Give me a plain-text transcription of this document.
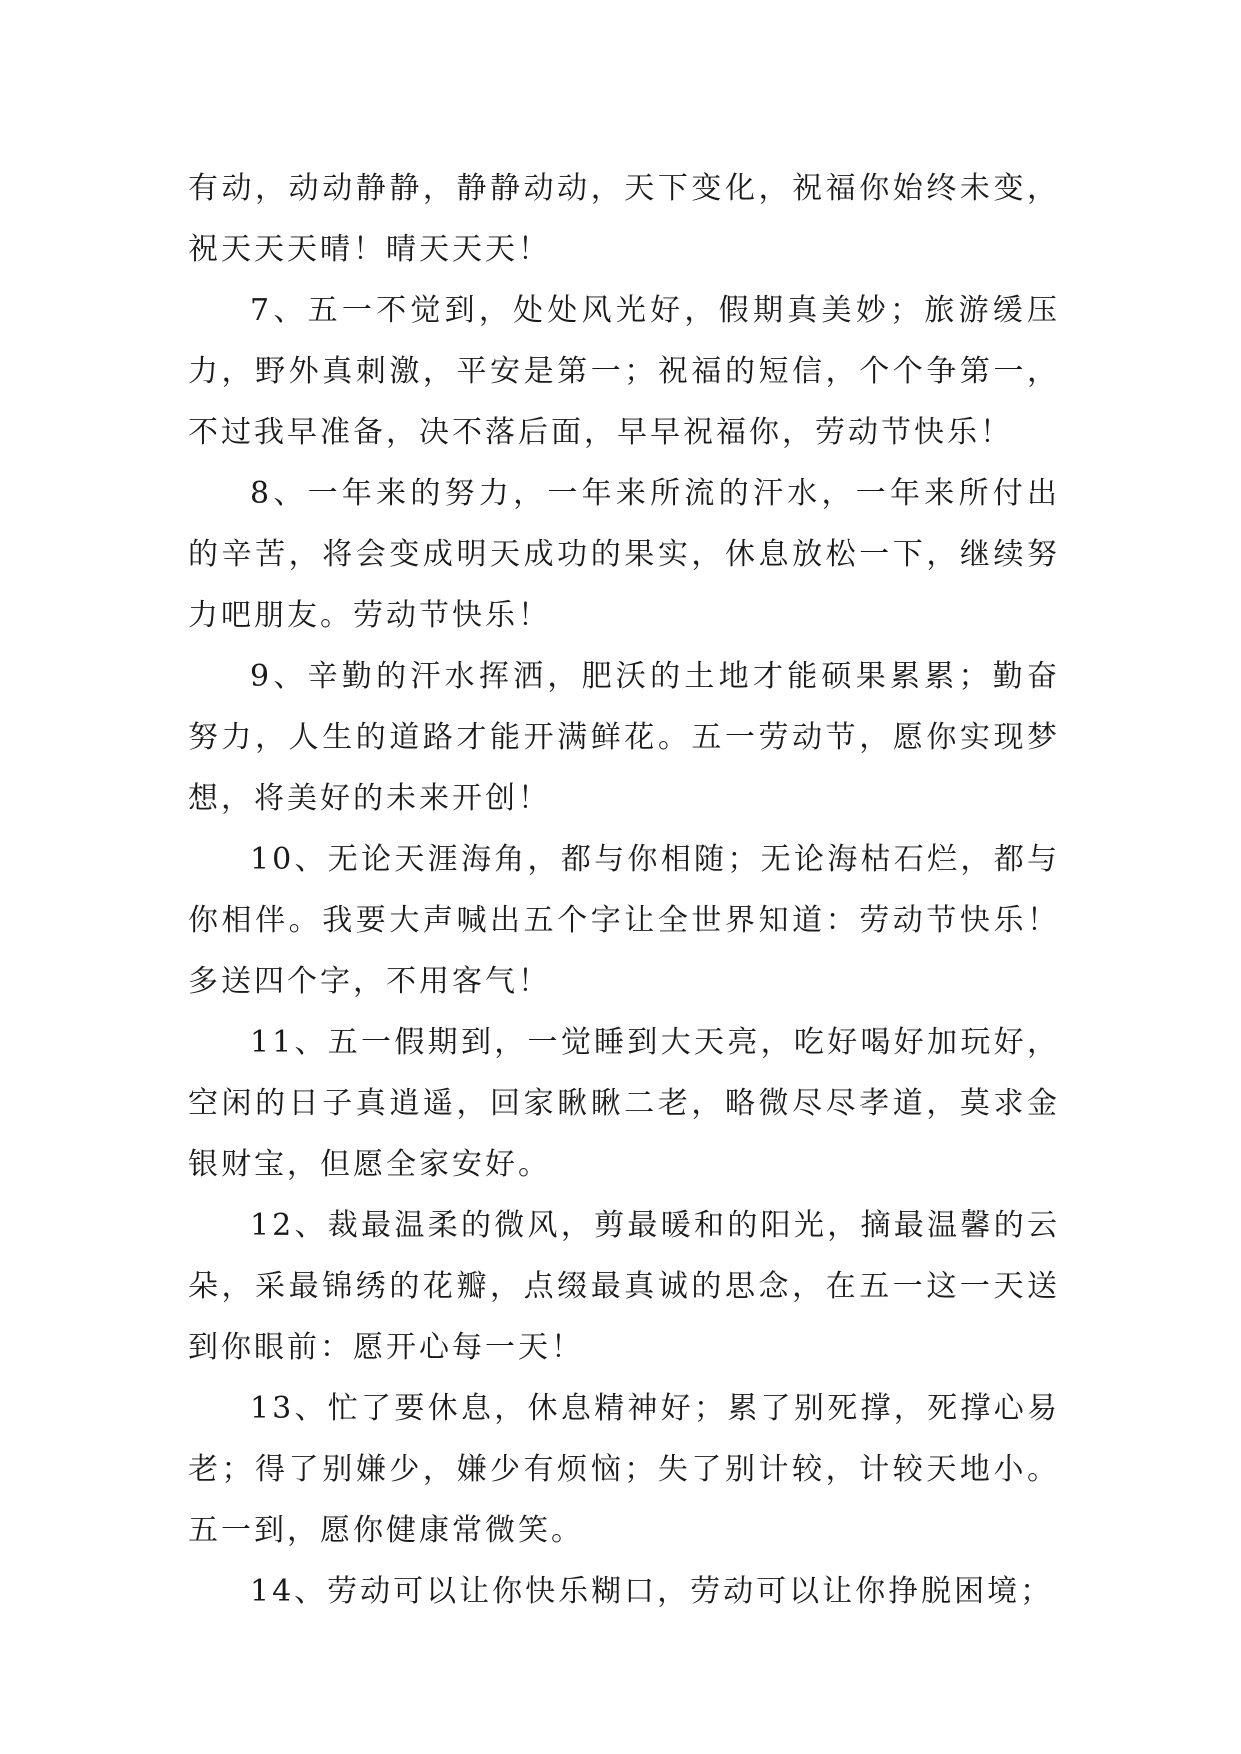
有动，动动静静，静静动动，天下变化，祝福你始终未变，祝天天天晴！晴天天天！

7、五一不觉到，处处风光好，假期真美妙；旅游缓压力，野外真刺激，平安是第一；祝福的短信，个个争第一，不过我早准备，决不落后面，早早祝福你，劳动节快乐！

8、一年来的努力，一年来所流的汗水，一年来所付出的辛苦，将会变成明天成功的果实，休息放松一下，继续努力吧朋友。劳动节快乐！

9、辛勤的汗水挥洒，肥沃的土地才能硕果累累；勤奋努力，人生的道路才能开满鲜花。五一劳动节，愿你实现梦想，将美好的未来开创！

10、无论天涯海角，都与你相随；无论海枯石烂，都与你相伴。我要大声喊出五个字让全世界知道：劳动节快乐！多送四个字，不用客气！

11、五一假期到，一觉睡到大天亮，吃好喝好加玩好，空闲的日子真逍遥，回家瞅瞅二老，略微尽尽孝道，莫求金银财宝，但愿全家安好。

12、裁最温柔的微风，剪最暖和的阳光，摘最温馨的云朵，采最锦绣的花瓣，点缀最真诚的思念，在五一这一天送到你眼前：愿开心每一天！

13、忙了要休息，休息精神好；累了别死撑，死撑心易老；得了别嫌少，嫌少有烦恼；失了别计较，计较天地小。五一到，愿你健康常微笑。

14、劳动可以让你快乐糊口，劳动可以让你挣脱困境；
